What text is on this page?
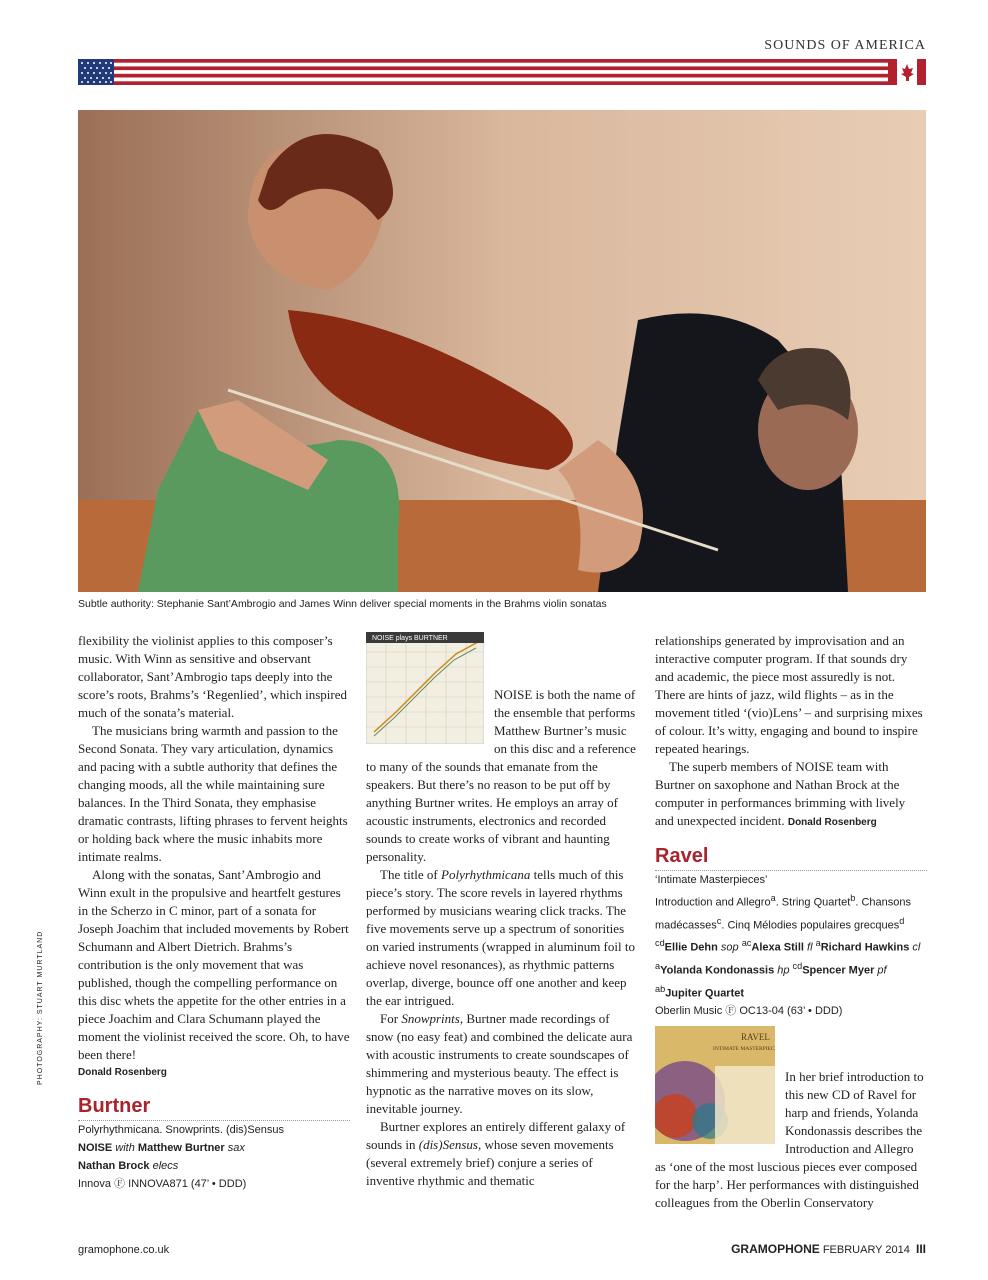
SOUNDS OF AMERICA
Subtle authority: Stephanie Sant’Ambrogio and James Winn deliver special moments in the Brahms violin sonatas

flexibility the violinist applies to this composer’s music. With Winn as sensitive and observant collaborator, Sant’Ambrogio taps deeply into the score’s roots, Brahms’s ‘Regenlied’, which inspired much of the sonata’s material.

The musicians bring warmth and passion to the Second Sonata. They vary articulation, dynamics and pacing with a subtle authority that defines the changing moods, all the while maintaining sure balances. In the Third Sonata, they emphasise dramatic contrasts, lifting phrases to fervent heights or holding back where the music inhabits more intimate realms.

Along with the sonatas, Sant’Ambrogio and Winn exult in the propulsive and heartfelt gestures in the Scherzo in C minor, part of a sonata for Joseph Joachim that included movements by Robert Schumann and Albert Dietrich. Brahms’s contribution is the only movement that was published, though the compelling performance on this disc whets the appetite for the other entries in a piece Joachim and Clara Schumann played the moment the violinist received the score. Oh, to have been there!

Donald Rosenberg

Burtner
Polyrhythmicana. Snowprints. (dis)Sensus
NOISE with Matthew Burtner sax
Nathan Brock elecs
Innova Ⓕ INNOVA871 (47’ • DDD)
NOISE plays BURTNER

NOISE is both the name of the ensemble that performs Matthew Burtner’s music on this disc and a reference to many of the sounds that emanate from the speakers. But there’s no reason to be put off by anything Burtner writes. He employs an array of acoustic instruments, electronics and recorded sounds to create works of vibrant and haunting personality.

The title of Polyrhythmicana tells much of this piece’s story. The score revels in layered rhythms performed by musicians wearing click tracks. The five movements serve up a spectrum of sonorities on varied instruments (wrapped in aluminum foil to achieve novel resonances), as rhythmic patterns overlap, diverge, bounce off one another and keep the ear intrigued.

For Snowprints, Burtner made recordings of snow (no easy feat) and combined the delicate aura with acoustic instruments to create soundscapes of shimmering and mysterious beauty. The effect is hypnotic as the narrative moves on its slow, inevitable journey.

Burtner explores an entirely different galaxy of sounds in (dis)Sensus, whose seven movements (several extremely brief) conjure a series of inventive rhythmic and thematic

relationships generated by improvisation and an interactive computer program. If that sounds dry and academic, the piece most assuredly is not. There are hints of jazz, wild flights – as in the movement titled ‘(vio)Lens’ – and surprising mixes of colour. It’s witty, engaging and bound to inspire repeated hearings.

The superb members of NOISE team with Burtner on saxophone and Nathan Brock at the computer in performances brimming with lively and unexpected incident. Donald Rosenberg

Ravel
‘Intimate Masterpieces’
Introduction and Allegro$^a$. String Quartet$^b$. Chansons madécasses$^c$. Cinq Mélodies populaires grecques$^d$
$^{cd}$Ellie Dehn sop $^{ac}$Alexa Still fl $^a$Richard Hawkins cl
$^a$Yolanda Kondonassis hp $^{cd}$Spencer Myer pf
$^{ab}$Jupiter Quartet
Oberlin Music Ⓕ OC13-04 (63’ • DDD)
RAVEL
INTIMATE MASTERPIECES

In her brief introduction to this new CD of Ravel for harp and friends, Yolanda Kondonassis describes the Introduction and Allegro as ‘one of the most luscious pieces ever composed for the harp’. Her performances with distinguished colleagues from the Oberlin Conservatory

PHOTOGRAPHY: STUART MURTLAND
gramophone.co.uk	GRAMOPHONE FEBRUARY 2014 III
